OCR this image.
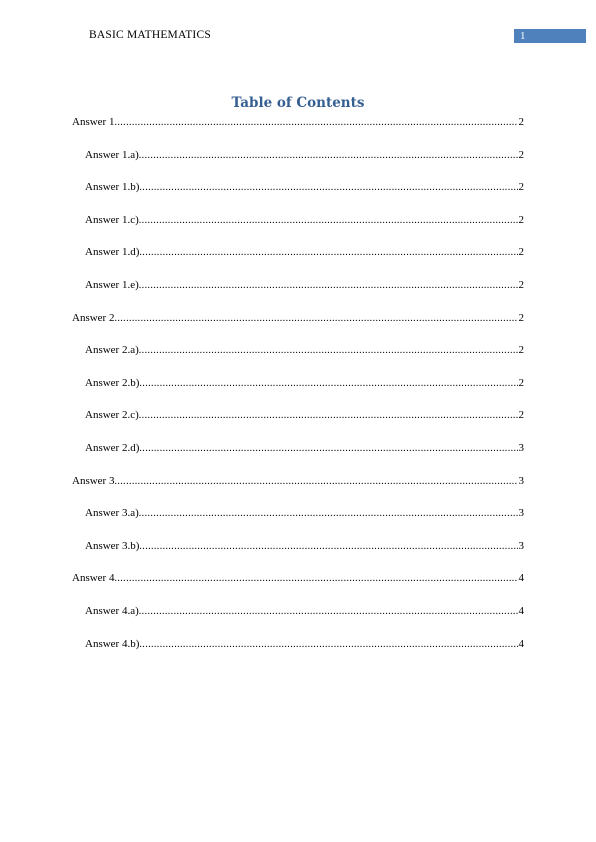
BASIC MATHEMATICS	1
Table of Contents
Answer 1 .....	2
Answer 1.a) .....	2
Answer 1.b) .....	2
Answer 1.c) .....	2
Answer 1.d) .....	2
Answer 1.e) .....	2
Answer 2 .....	2
Answer 2.a) .....	2
Answer 2.b) .....	2
Answer 2.c) .....	2
Answer 2.d) .....	3
Answer 3 .....	3
Answer 3.a) .....	3
Answer 3.b) .....	3
Answer 4 .....	4
Answer 4.a) .....	4
Answer 4.b) .....	4
